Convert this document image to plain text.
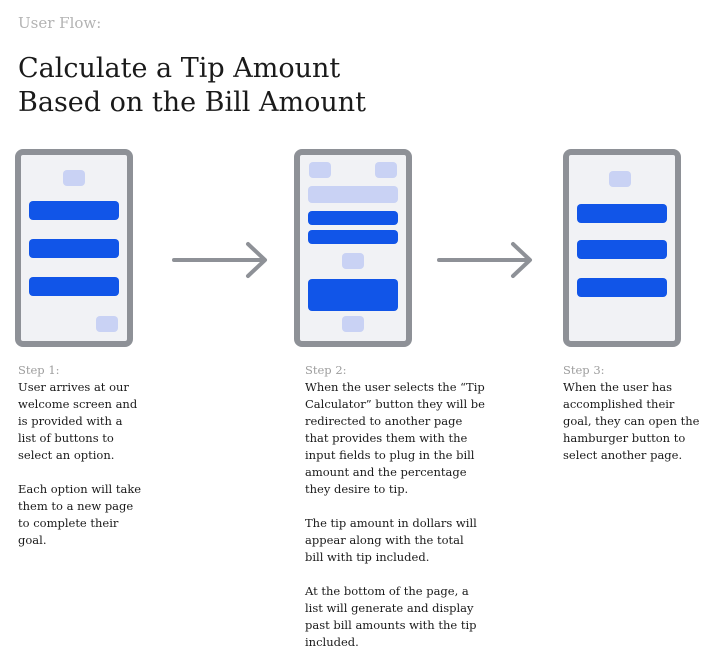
User Flow:
Calculate a Tip Amount
Based on the Bill Amount
Step 1:

User arrives at our
welcome screen and
is provided with a
list of buttons to
select an option.

Each option will take
them to a new page
to complete their
goal.

Step 2:

When the user selects the “Tip
Calculator” button they will be
redirected to another page
that provides them with the
input fields to plug in the bill
amount and the percentage
they desire to tip.

The tip amount in dollars will
appear along with the total
bill with tip included.

At the bottom of the page, a
list will generate and display
past bill amounts with the tip
included.

Step 3:

When the user has
accomplished their
goal, they can open the
hamburger button to
select another page.
